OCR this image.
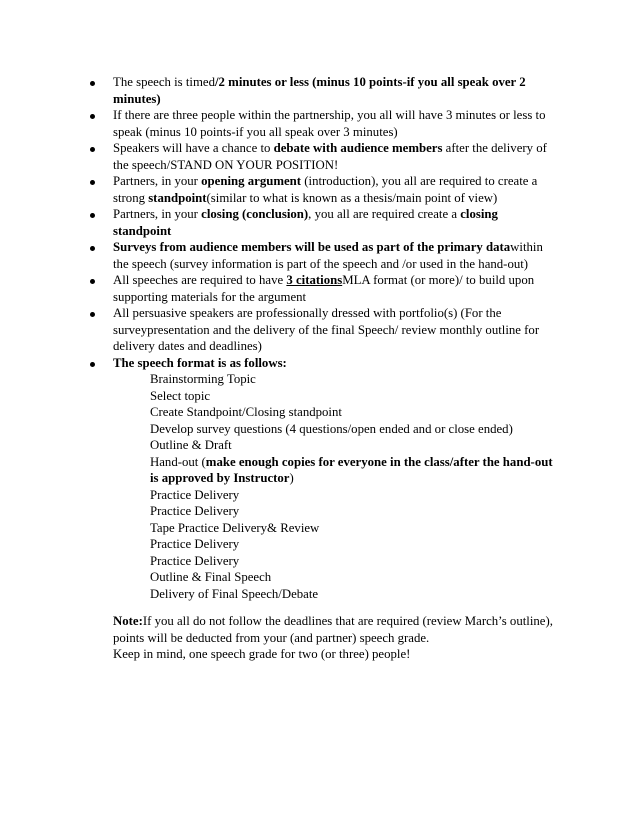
The speech is timed/2 minutes or less (minus 10 points-if you all speak over 2 minutes)
If there are three people within the partnership, you all will have 3 minutes or less to speak (minus 10 points-if you all speak over 3 minutes)
Speakers will have a chance to debate with audience members after the delivery of the speech/STAND ON YOUR POSITION!
Partners, in your opening argument (introduction), you all are required to create a strong standpoint(similar to what is known as a thesis/main point of view)
Partners, in your closing (conclusion), you all are required create a closing standpoint
Surveys from audience members will be used as part of the primary datawithin the speech (survey information is part of the speech and /or used in the hand-out)
All speeches are required to have 3 citationsMLA format (or more)/ to build upon supporting materials for the argument
All persuasive speakers are professionally dressed with portfolio(s) (For the surveypresentation and the delivery of the final Speech/ review monthly outline for delivery dates and deadlines)
The speech format is as follows:
Brainstorming Topic
Select topic
Create Standpoint/Closing standpoint
Develop survey questions (4 questions/open ended and or close ended)
Outline & Draft
Hand-out (make enough copies for everyone in the class/after the hand-out is approved by Instructor)
Practice Delivery
Practice Delivery
Tape Practice Delivery& Review
Practice Delivery
Practice Delivery
Outline & Final Speech
Delivery of Final Speech/Debate
Note:If you all do not follow the deadlines that are required (review March’s outline), points will be deducted from your (and partner) speech grade.
Keep in mind, one speech grade for two (or three) people!
